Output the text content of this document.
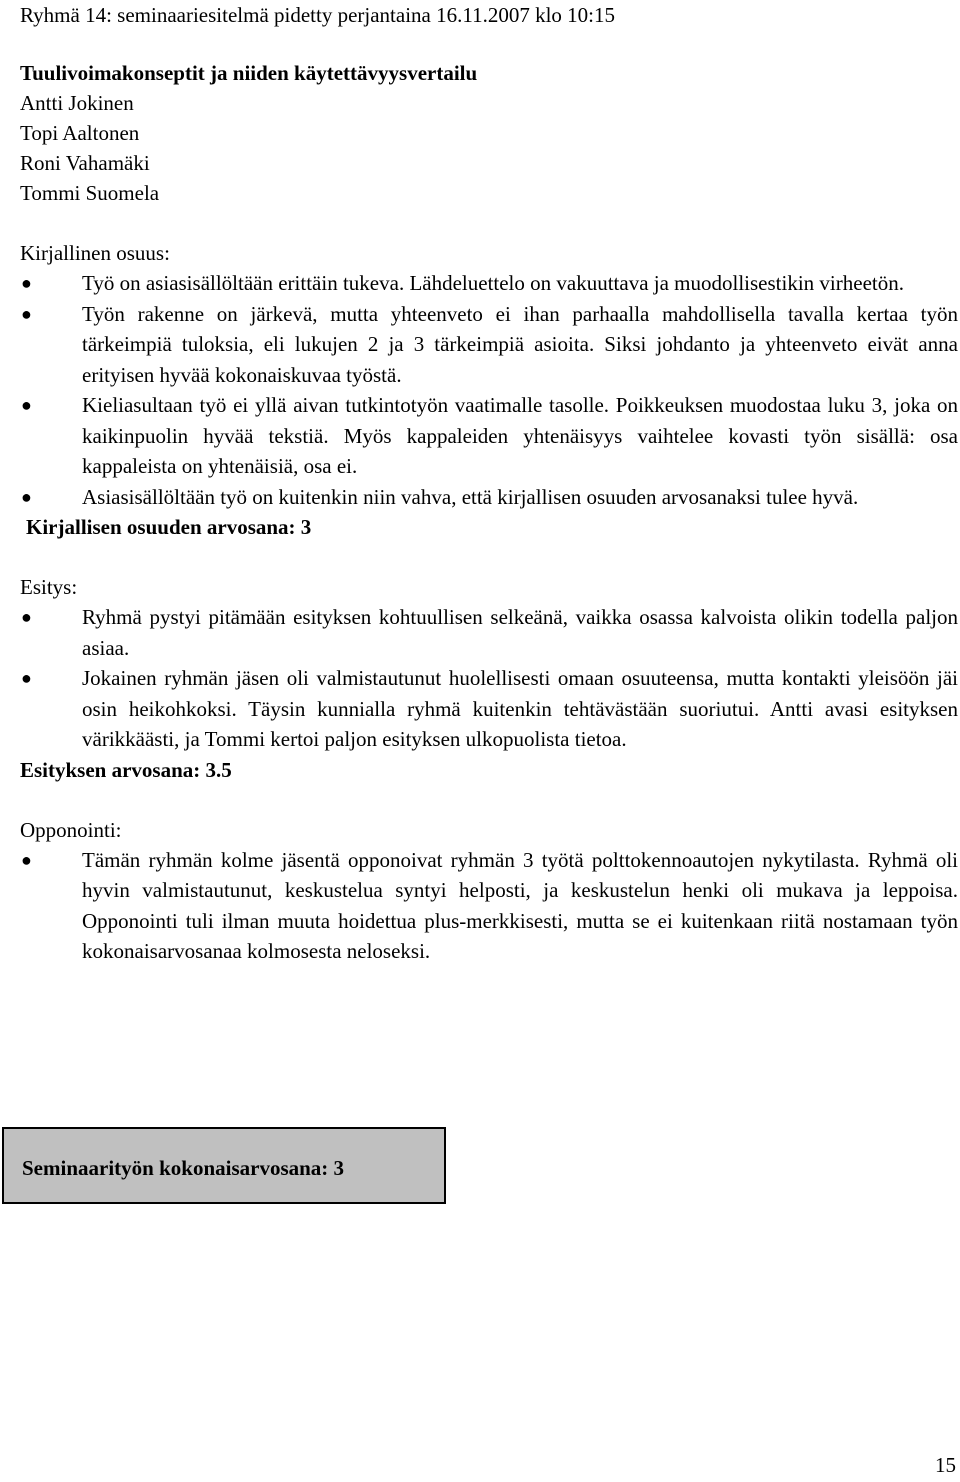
Ryhmä 14: seminaariesitelmä pidetty perjantaina 16.11.2007 klo 10:15

Tuulivoimakonseptit ja niiden käytettävyysvertailu

Antti Jokinen

Topi Aaltonen

Roni Vahamäki

Tommi Suomela

Kirjallinen osuus:

● Työ on asiasisällöltään erittäin tukeva. Lähdeluettelo on vakuuttava ja muodollisestikin virheetön.
● Työn rakenne on järkevä, mutta yhteenveto ei ihan parhaalla mahdollisella tavalla kertaa työn tärkeimpiä tuloksia, eli lukujen 2 ja 3 tärkeimpiä asioita. Siksi johdanto ja yhteenveto eivät anna erityisen hyvää kokonaiskuvaa työstä.
● Kieliasultaan työ ei yllä aivan tutkintotyön vaatimalle tasolle. Poikkeuksen muodostaa luku 3, joka on kaikinpuolin hyvää tekstiä. Myös kappaleiden yhtenäisyys vaihtelee kovasti työn sisällä: osa kappaleista on yhtenäisiä, osa ei.
● Asiasisällöltään työ on kuitenkin niin vahva, että kirjallisen osuuden arvosanaksi tulee hyvä.

Kirjallisen osuuden arvosana: 3

Esitys:

● Ryhmä pystyi pitämään esityksen kohtuullisen selkeänä, vaikka osassa kalvoista olikin todella paljon asiaa.
● Jokainen ryhmän jäsen oli valmistautunut huolellisesti omaan osuuteensa, mutta kontakti yleisöön jäi osin heikohkoksi. Täysin kunnialla ryhmä kuitenkin tehtävästään suoriutui. Antti avasi esityksen värikkäästi, ja Tommi kertoi paljon esityksen ulkopuolista tietoa.

Esityksen arvosana: 3.5

Opponointi:

● Tämän ryhmän kolme jäsentä opponoivat ryhmän 3 työtä polttokennoautojen nykytilasta. Ryhmä oli hyvin valmistautunut, keskustelua syntyi helposti, ja keskustelun henki oli mukava ja leppoisa. Opponointi tuli ilman muuta hoidettua plus-merkkisesti, mutta se ei kuitenkaan riitä nostamaan työn kokonaisarvosanaa kolmosesta neloseksi.
Seminaarityön kokonaisarvosana: 3
15
